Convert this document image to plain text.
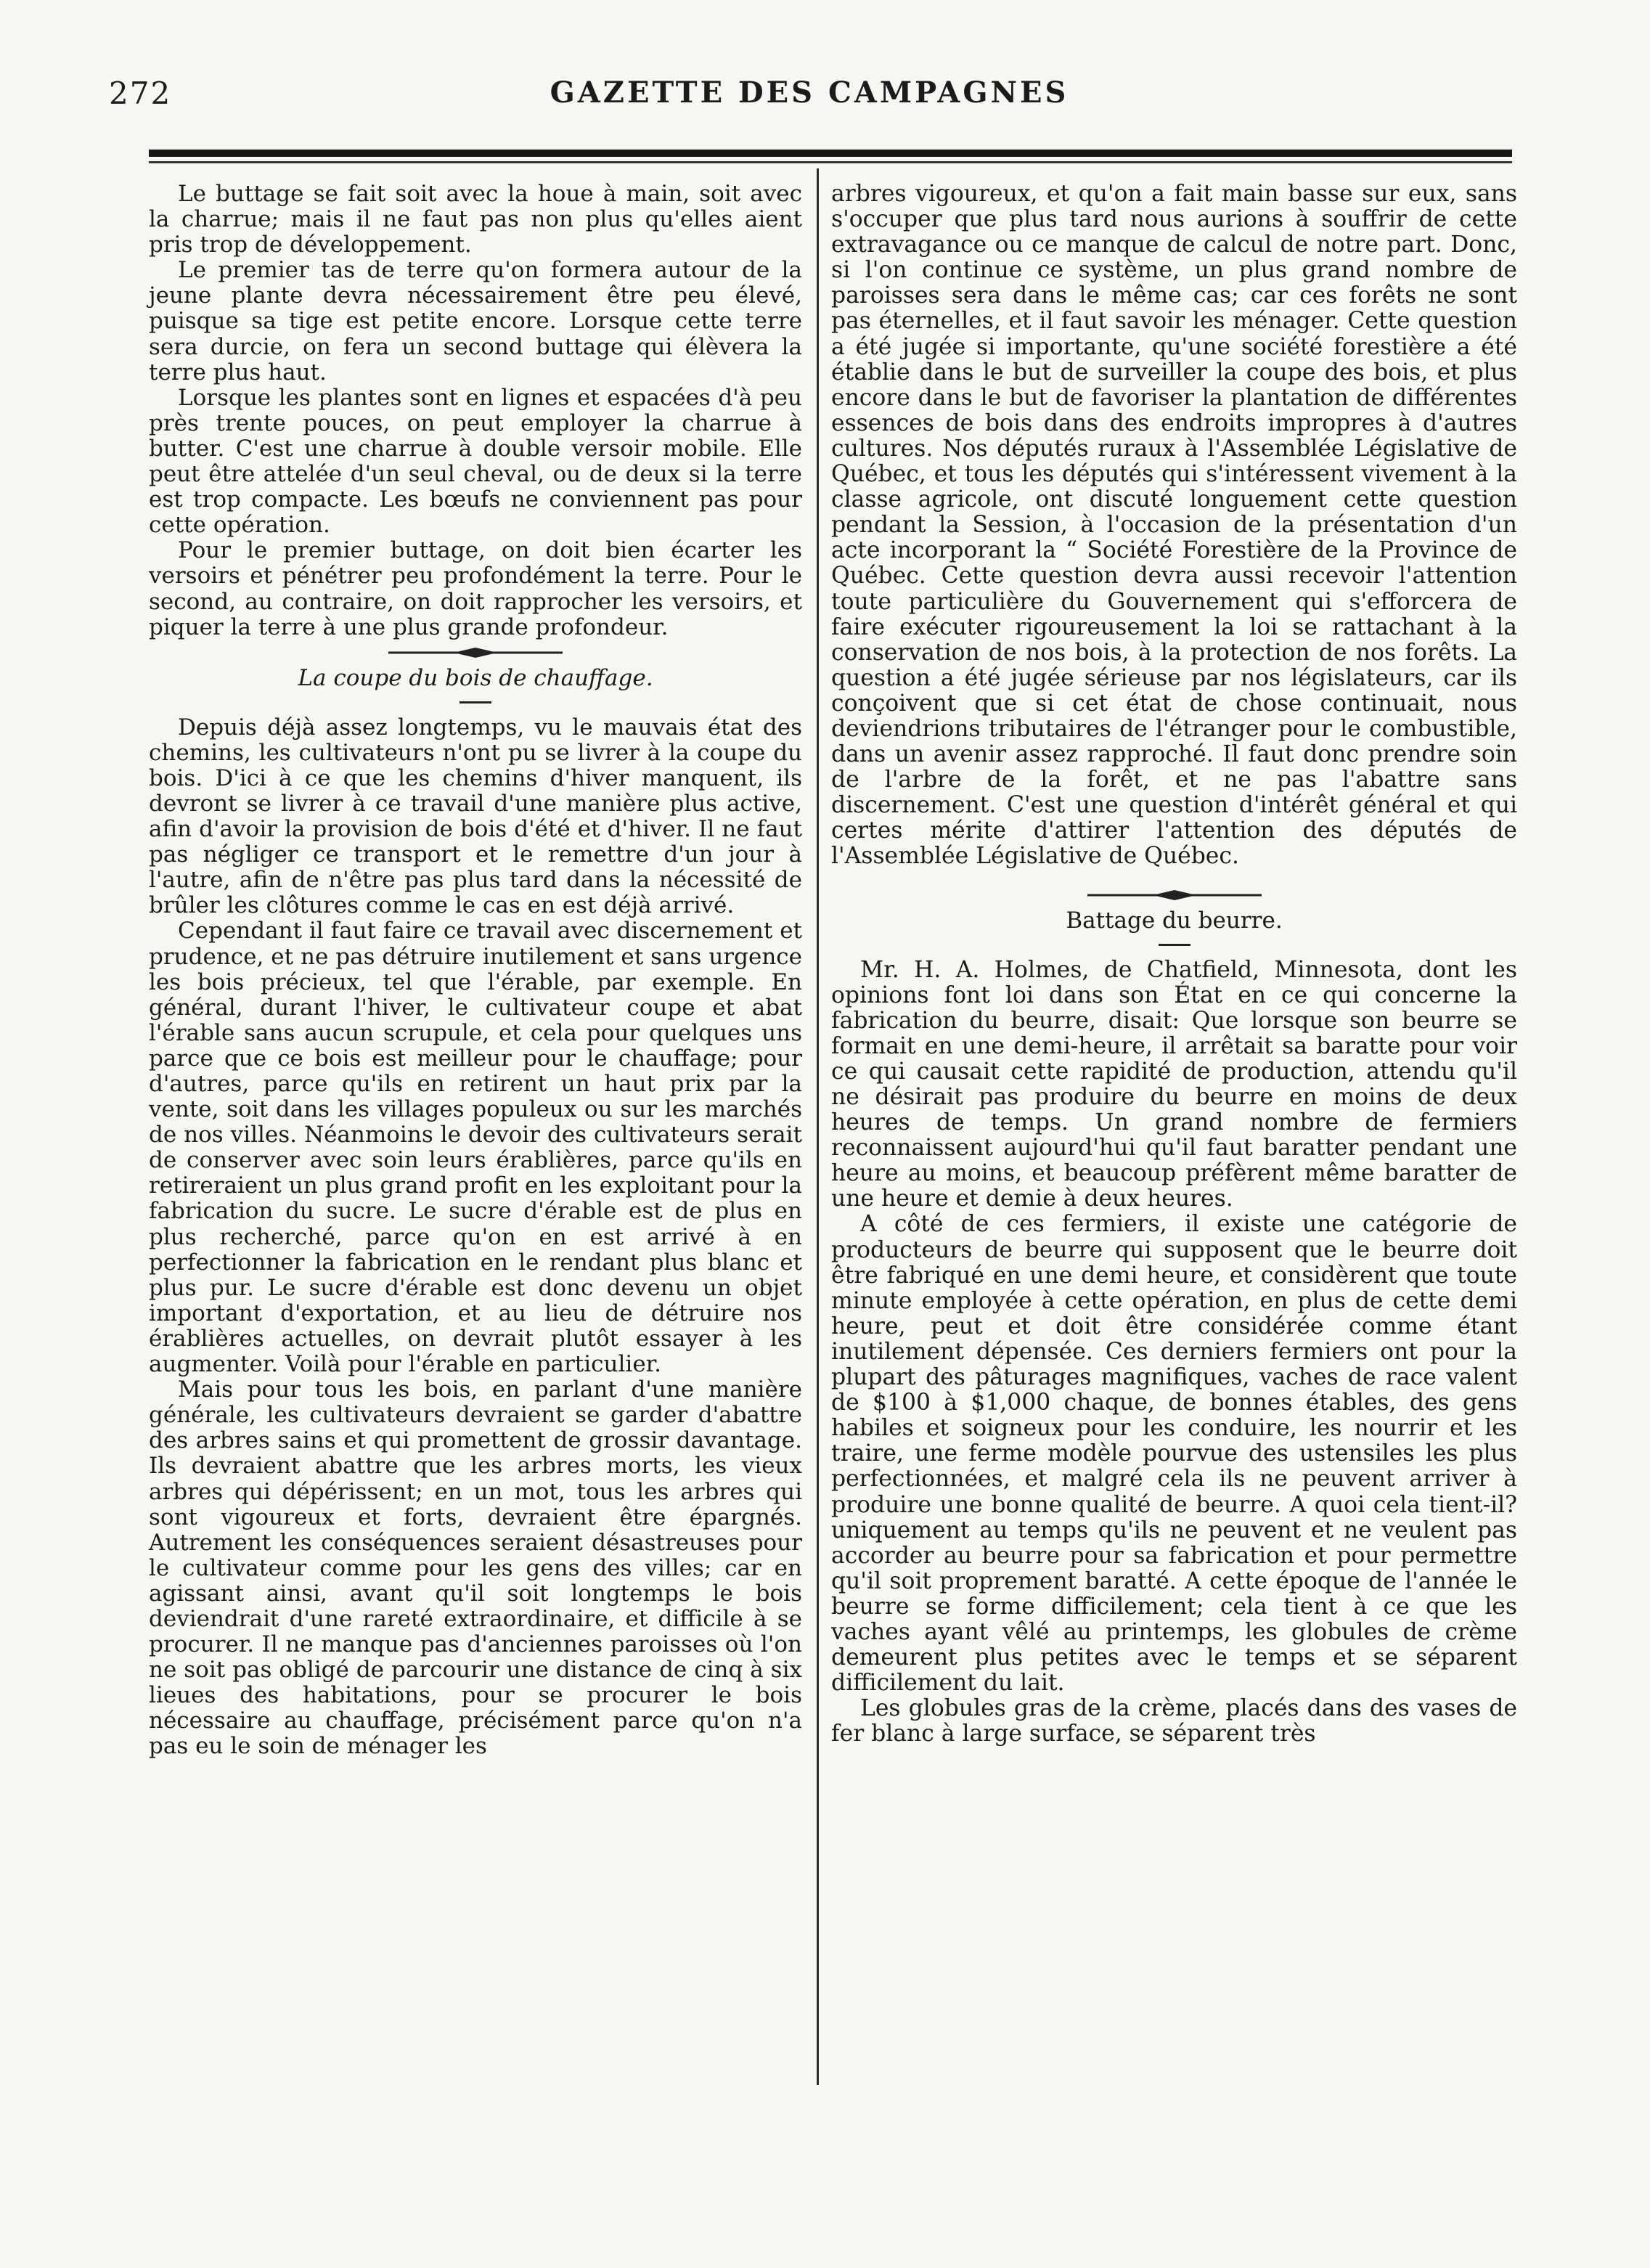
272	GAZETTE DES CAMPAGNES

Le buttage se fait soit avec la houe à main, soit avec la charrue; mais il ne faut pas non plus qu'elles aient pris trop de développement.

Le premier tas de terre qu'on formera autour de la jeune plante devra nécessairement être peu élevé, puisque sa tige est petite encore. Lorsque cette terre sera durcie, on fera un second buttage qui élèvera la terre plus haut.

Lorsque les plantes sont en lignes et espacées d'à peu près trente pouces, on peut employer la charrue à butter. C'est une charrue à double versoir mobile. Elle peut être attelée d'un seul cheval, ou de deux si la terre est trop compacte. Les bœufs ne conviennent pas pour cette opération.

Pour le premier buttage, on doit bien écarter les versoirs et pénétrer peu profondément la terre. Pour le second, au contraire, on doit rapprocher les versoirs, et piquer la terre à une plus grande profondeur.

La coupe du bois de chauffage.

Depuis déjà assez longtemps, vu le mauvais état des chemins, les cultivateurs n'ont pu se livrer à la coupe du bois. D'ici à ce que les chemins d'hiver manquent, ils devront se livrer à ce travail d'une manière plus active, afin d'avoir la provision de bois d'été et d'hiver. Il ne faut pas négliger ce transport et le remettre d'un jour à l'autre, afin de n'être pas plus tard dans la nécessité de brûler les clôtures comme le cas en est déjà arrivé.

Cependant il faut faire ce travail avec discernement et prudence, et ne pas détruire inutilement et sans urgence les bois précieux, tel que l'érable, par exemple. En général, durant l'hiver, le cultivateur coupe et abat l'érable sans aucun scrupule, et cela pour quelques uns parce que ce bois est meilleur pour le chauffage; pour d'autres, parce qu'ils en retirent un haut prix par la vente, soit dans les villages populeux ou sur les marchés de nos villes. Néanmoins le devoir des cultivateurs serait de conserver avec soin leurs érablières, parce qu'ils en retireraient un plus grand profit en les exploitant pour la fabrication du sucre. Le sucre d'érable est de plus en plus recherché, parce qu'on en est arrivé à en perfectionner la fabrication en le rendant plus blanc et plus pur. Le sucre d'érable est donc devenu un objet important d'exportation, et au lieu de détruire nos érablières actuelles, on devrait plutôt essayer à les augmenter. Voilà pour l'érable en particulier.

Mais pour tous les bois, en parlant d'une manière générale, les cultivateurs devraient se garder d'abattre des arbres sains et qui promettent de grossir davantage. Ils devraient abattre que les arbres morts, les vieux arbres qui dépérissent; en un mot, tous les arbres qui sont vigoureux et forts, devraient être épargnés. Autrement les conséquences seraient désastreuses pour le cultivateur comme pour les gens des villes; car en agissant ainsi, avant qu'il soit longtemps le bois deviendrait d'une rareté extraordinaire, et difficile à se procurer. Il ne manque pas d'anciennes paroisses où l'on ne soit pas obligé de parcourir une distance de cinq à six lieues des habitations, pour se procurer le bois nécessaire au chauffage, précisément parce qu'on n'a pas eu le soin de ménager les

arbres vigoureux, et qu'on a fait main basse sur eux, sans s'occuper que plus tard nous aurions à souffrir de cette extravagance ou ce manque de calcul de notre part. Donc, si l'on continue ce système, un plus grand nombre de paroisses sera dans le même cas; car ces forêts ne sont pas éternelles, et il faut savoir les ménager. Cette question a été jugée si importante, qu'une société forestière a été établie dans le but de surveiller la coupe des bois, et plus encore dans le but de favoriser la plantation de différentes essences de bois dans des endroits impropres à d'autres cultures. Nos députés ruraux à l'Assemblée Législative de Québec, et tous les députés qui s'intéressent vivement à la classe agricole, ont discuté longuement cette question pendant la Session, à l'occasion de la présentation d'un acte incorporant la “ Société Forestière de la Province de Québec. Cette question devra aussi recevoir l'attention toute particulière du Gouvernement qui s'efforcera de faire exécuter rigoureusement la loi se rattachant à la conservation de nos bois, à la protection de nos forêts. La question a été jugée sérieuse par nos législateurs, car ils conçoivent que si cet état de chose continuait, nous deviendrions tributaires de l'étranger pour le combustible, dans un avenir assez rapproché. Il faut donc prendre soin de l'arbre de la forêt, et ne pas l'abattre sans discernement. C'est une question d'intérêt général et qui certes mérite d'attirer l'attention des députés de l'Assemblée Législative de Québec.

Battage du beurre.

Mr. H. A. Holmes, de Chatfield, Minnesota, dont les opinions font loi dans son État en ce qui concerne la fabrication du beurre, disait: Que lorsque son beurre se formait en une demi-heure, il arrêtait sa baratte pour voir ce qui causait cette rapidité de production, attendu qu'il ne désirait pas produire du beurre en moins de deux heures de temps. Un grand nombre de fermiers reconnaissent aujourd'hui qu'il faut baratter pendant une heure au moins, et beaucoup préfèrent même baratter de une heure et demie à deux heures.

A côté de ces fermiers, il existe une catégorie de producteurs de beurre qui supposent que le beurre doit être fabriqué en une demi heure, et considèrent que toute minute employée à cette opération, en plus de cette demi heure, peut et doit être considérée comme étant inutilement dépensée. Ces derniers fermiers ont pour la plupart des pâturages magnifiques, vaches de race valent de $100 à $1,000 chaque, de bonnes étables, des gens habiles et soigneux pour les conduire, les nourrir et les traire, une ferme modèle pourvue des ustensiles les plus perfectionnées, et malgré cela ils ne peuvent arriver à produire une bonne qualité de beurre. A quoi cela tient-il? uniquement au temps qu'ils ne peuvent et ne veulent pas accorder au beurre pour sa fabrication et pour permettre qu'il soit proprement baratté. A cette époque de l'année le beurre se forme difficilement; cela tient à ce que les vaches ayant vêlé au printemps, les globules de crème demeurent plus petites avec le temps et se séparent difficilement du lait.

Les globules gras de la crème, placés dans des vases de fer blanc à large surface, se séparent très
